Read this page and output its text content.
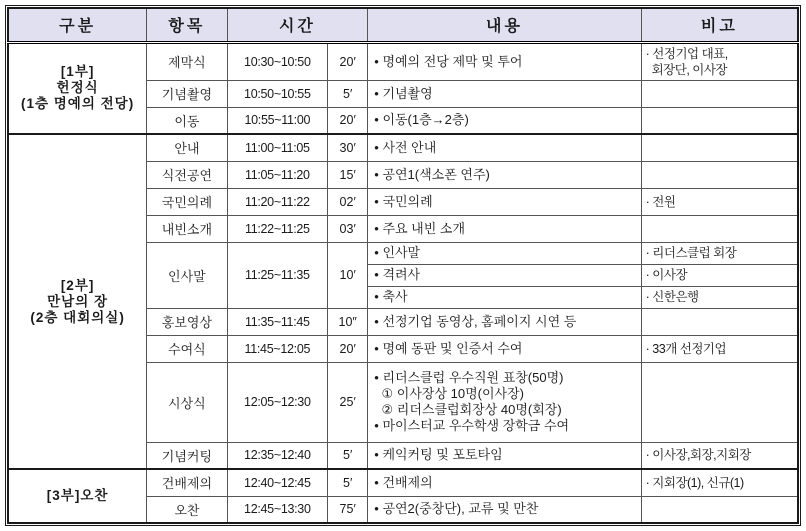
구분	항목	시간		내용	비고

[1부]
헌정식
(1층 명예의 전당)
	제막식	10:30~10:50	20′	• 명예의 전당 제막 및 투어	· 선정기업 대표,
회장단, 이사장

	기념촬영	10:50~10:55	5′	• 기념촬영	

	이동	10:55~11:00	20′	• 이동(1층→2층)	

[2부]
만남의 장
(2층 대회의실)	안내	11:00~11:05	30′	• 사전 안내	

	식전공연	11:05~11:20	15′	• 공연1(색소폰 연주)	

	국민의례	11:20~11:22	02′	• 국민의례	· 전원

	내빈소개	11:22~11:25	03′	• 주요 내빈 소개	

	인사말	11:25~11:35	10′	• 인사말	· 리더스클럽 회장

				• 격려사	· 이사장

				• 축사	· 신한은행

	홍보영상	11:35~11:45	10″	• 선정기업 동영상, 홈페이지 시연 등	

	수여식	11:45~12:05	20′	• 명예 동판 및 인증서 수여	· 33개 선정기업

	시상식	12:05~12:30	25′	• 리더스클럽 우수직원 표창(50명)
① 이사장상 10명(이사장)
② 리더스클럽회장상 40명(회장)
• 마이스터교 우수학생 장학금 수여	

	기념커팅	12:35~12:40	5′	• 케익커팅 및 포토타임	· 이사장,회장,지회장

[3부]오찬	건배제의	12:40~12:45	5′	• 건배제의	· 지회장(1), 신규(1)

	오찬	12:45~13:30	75′	• 공연2(중창단), 교류 및 만찬	
